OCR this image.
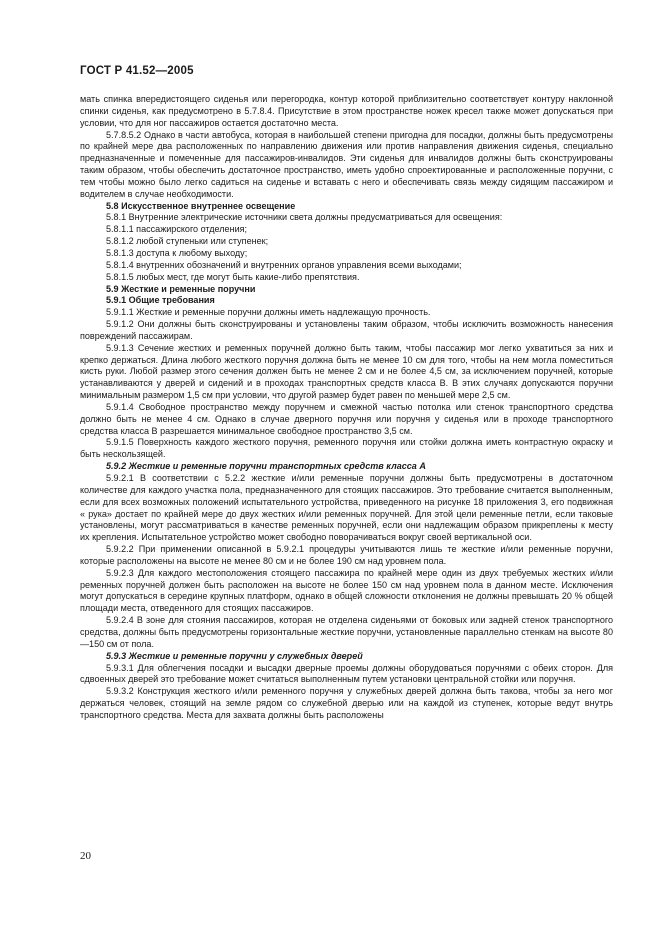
ГОСТ Р 41.52—2005

мать спинка впередистоящего сиденья или перегородка, контур которой приблизительно соответствует контуру наклонной спинки сиденья, как предусмотрено в 5.7.8.4. Присутствие в этом пространстве ножек кресел также может допускаться при условии, что для ног пассажиров остается достаточно места.

5.7.8.5.2 Однако в части автобуса, которая в наибольшей степени пригодна для посадки, должны быть предусмотрены по крайней мере два расположенных по направлению движения или против направления движения сиденья, специально предназначенные и помеченные для пассажиров-инвалидов. Эти сиденья для инвалидов должны быть сконструированы таким образом, чтобы обеспечить достаточное пространство, иметь удобно спроектированные и расположенные поручни, с тем чтобы можно было легко садиться на сиденье и вставать с него и обеспечивать связь между сидящим пассажиром и водителем в случае необходимости.

5.8 Искусственное внутреннее освещение

5.8.1 Внутренние электрические источники света должны предусматриваться для освещения:

5.8.1.1 пассажирского отделения;

5.8.1.2 любой ступеньки или ступенек;

5.8.1.3 доступа к любому выходу;

5.8.1.4 внутренних обозначений и внутренних органов управления всеми выходами;

5.8.1.5 любых мест, где могут быть какие-либо препятствия.

5.9 Жесткие и ременные поручни

5.9.1 Общие требования

5.9.1.1 Жесткие и ременные поручни должны иметь надлежащую прочность.

5.9.1.2 Они должны быть сконструированы и установлены таким образом, чтобы исключить возможность нанесения повреждений пассажирам.

5.9.1.3 Сечение жестких и ременных поручней должно быть таким, чтобы пассажир мог легко ухватиться за них и крепко держаться. Длина любого жесткого поручня должна быть не менее 10 см для того, чтобы на нем могла поместиться кисть руки. Любой размер этого сечения должен быть не менее 2 см и не более 4,5 см, за исключением поручней, которые устанавливаются у дверей и сидений и в проходах транспортных средств класса В. В этих случаях допускаются поручни минимальным размером 1,5 см при условии, что другой размер будет равен по меньшей мере 2,5 см.

5.9.1.4 Свободное пространство между поручнем и смежной частью потолка или стенок транспортного средства должно быть не менее 4 см. Однако в случае дверного поручня или поручня у сиденья или в проходе транспортного средства класса В разрешается минимальное свободное пространство 3,5 см.

5.9.1.5 Поверхность каждого жесткого поручня, ременного поручня или стойки должна иметь контрастную окраску и быть нескользящей.

5.9.2 Жесткие и ременные поручни транспортных средств класса А

5.9.2.1 В соответствии с 5.2.2 жесткие и/или ременные поручни должны быть предусмотрены в достаточном количестве для каждого участка пола, предназначенного для стоящих пассажиров. Это требование считается выполненным, если для всех возможных положений испытательного устройства, приведенного на рисунке 18 приложения 3, его подвижная « рука» достает по крайней мере до двух жестких и/или ременных поручней. Для этой цели ременные петли, если таковые установлены, могут рассматриваться в качестве ременных поручней, если они надлежащим образом прикреплены к месту их крепления. Испытательное устройство может свободно поворачиваться вокруг своей вертикальной оси.

5.9.2.2 При применении описанной в 5.9.2.1 процедуры учитываются лишь те жесткие и/или ременные поручни, которые расположены на высоте не менее 80 см и не более 190 см над уровнем пола.

5.9.2.3 Для каждого местоположения стоящего пассажира по крайней мере один из двух требуемых жестких и/или ременных поручней должен быть расположен на высоте не более 150 см над уровнем пола в данном месте. Исключения могут допускаться в середине крупных платформ, однако в общей сложности отклонения не должны превышать 20 % общей площади места, отведенного для стоящих пассажиров.

5.9.2.4 В зоне для стояния пассажиров, которая не отделена сиденьями от боковых или задней стенок транспортного средства, должны быть предусмотрены горизонтальные жесткие поручни, установленные параллельно стенкам на высоте 80—150 см от пола.

5.9.3 Жесткие и ременные поручни у служебных дверей

5.9.3.1 Для облегчения посадки и высадки дверные проемы должны оборудоваться поручнями с обеих сторон. Для сдвоенных дверей это требование может считаться выполненным путем установки центральной стойки или поручня.

5.9.3.2 Конструкция жесткого и/или ременного поручня у служебных дверей должна быть такова, чтобы за него мог держаться человек, стоящий на земле рядом со служебной дверью или на каждой из ступенек, которые ведут внутрь транспортного средства. Места для захвата должны быть расположены

20
